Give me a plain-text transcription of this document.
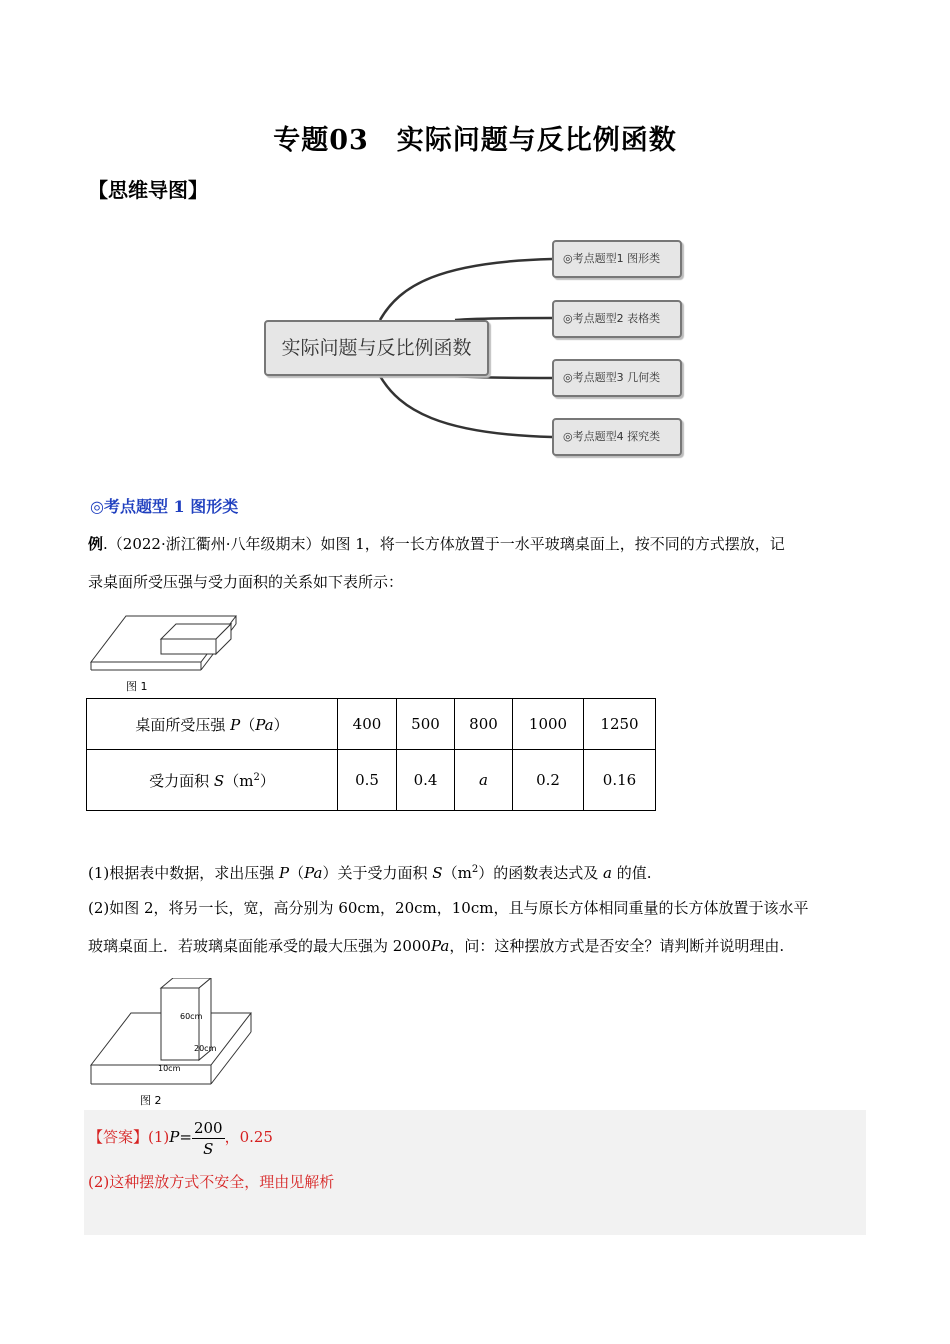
专题03　实际问题与反比例函数
【思维导图】
实际问题与反比例函数
◎考点题型1 图形类
◎考点题型2 表格类
◎考点题型3 几何类
◎考点题型4 探究类
◎考点题型 1 图形类
例.（2022·浙江衢州·八年级期末）如图 1，将一长方体放置于一水平玻璃桌面上，按不同的方式摆放，记
录桌面所受压强与受力面积的关系如下表所示：
图 1
桌面所受压强 P（Pa）	400	500	800	1000	1250
受力面积 $S(m^2)$	0.5	0.4	a	0.2	0.16
(1)根据表中数据，求出压强 P（Pa）关于受力面积 $S(m^2)$的函数表达式及 a 的值.
(2)如图 2，将另一长，宽，高分别为 60cm，20cm，10cm，且与原长方体相同重量的长方体放置于该水平
玻璃桌面上．若玻璃桌面能承受的最大压强为 2000Pa，问：这种摆放方式是否安全？请判断并说明理由.
60cm
20cm
10cm
图 2
【答案】$(1)P= \frac{200}{S}$ ，0.25
(2)这种摆放方式不安全，理由见解析
